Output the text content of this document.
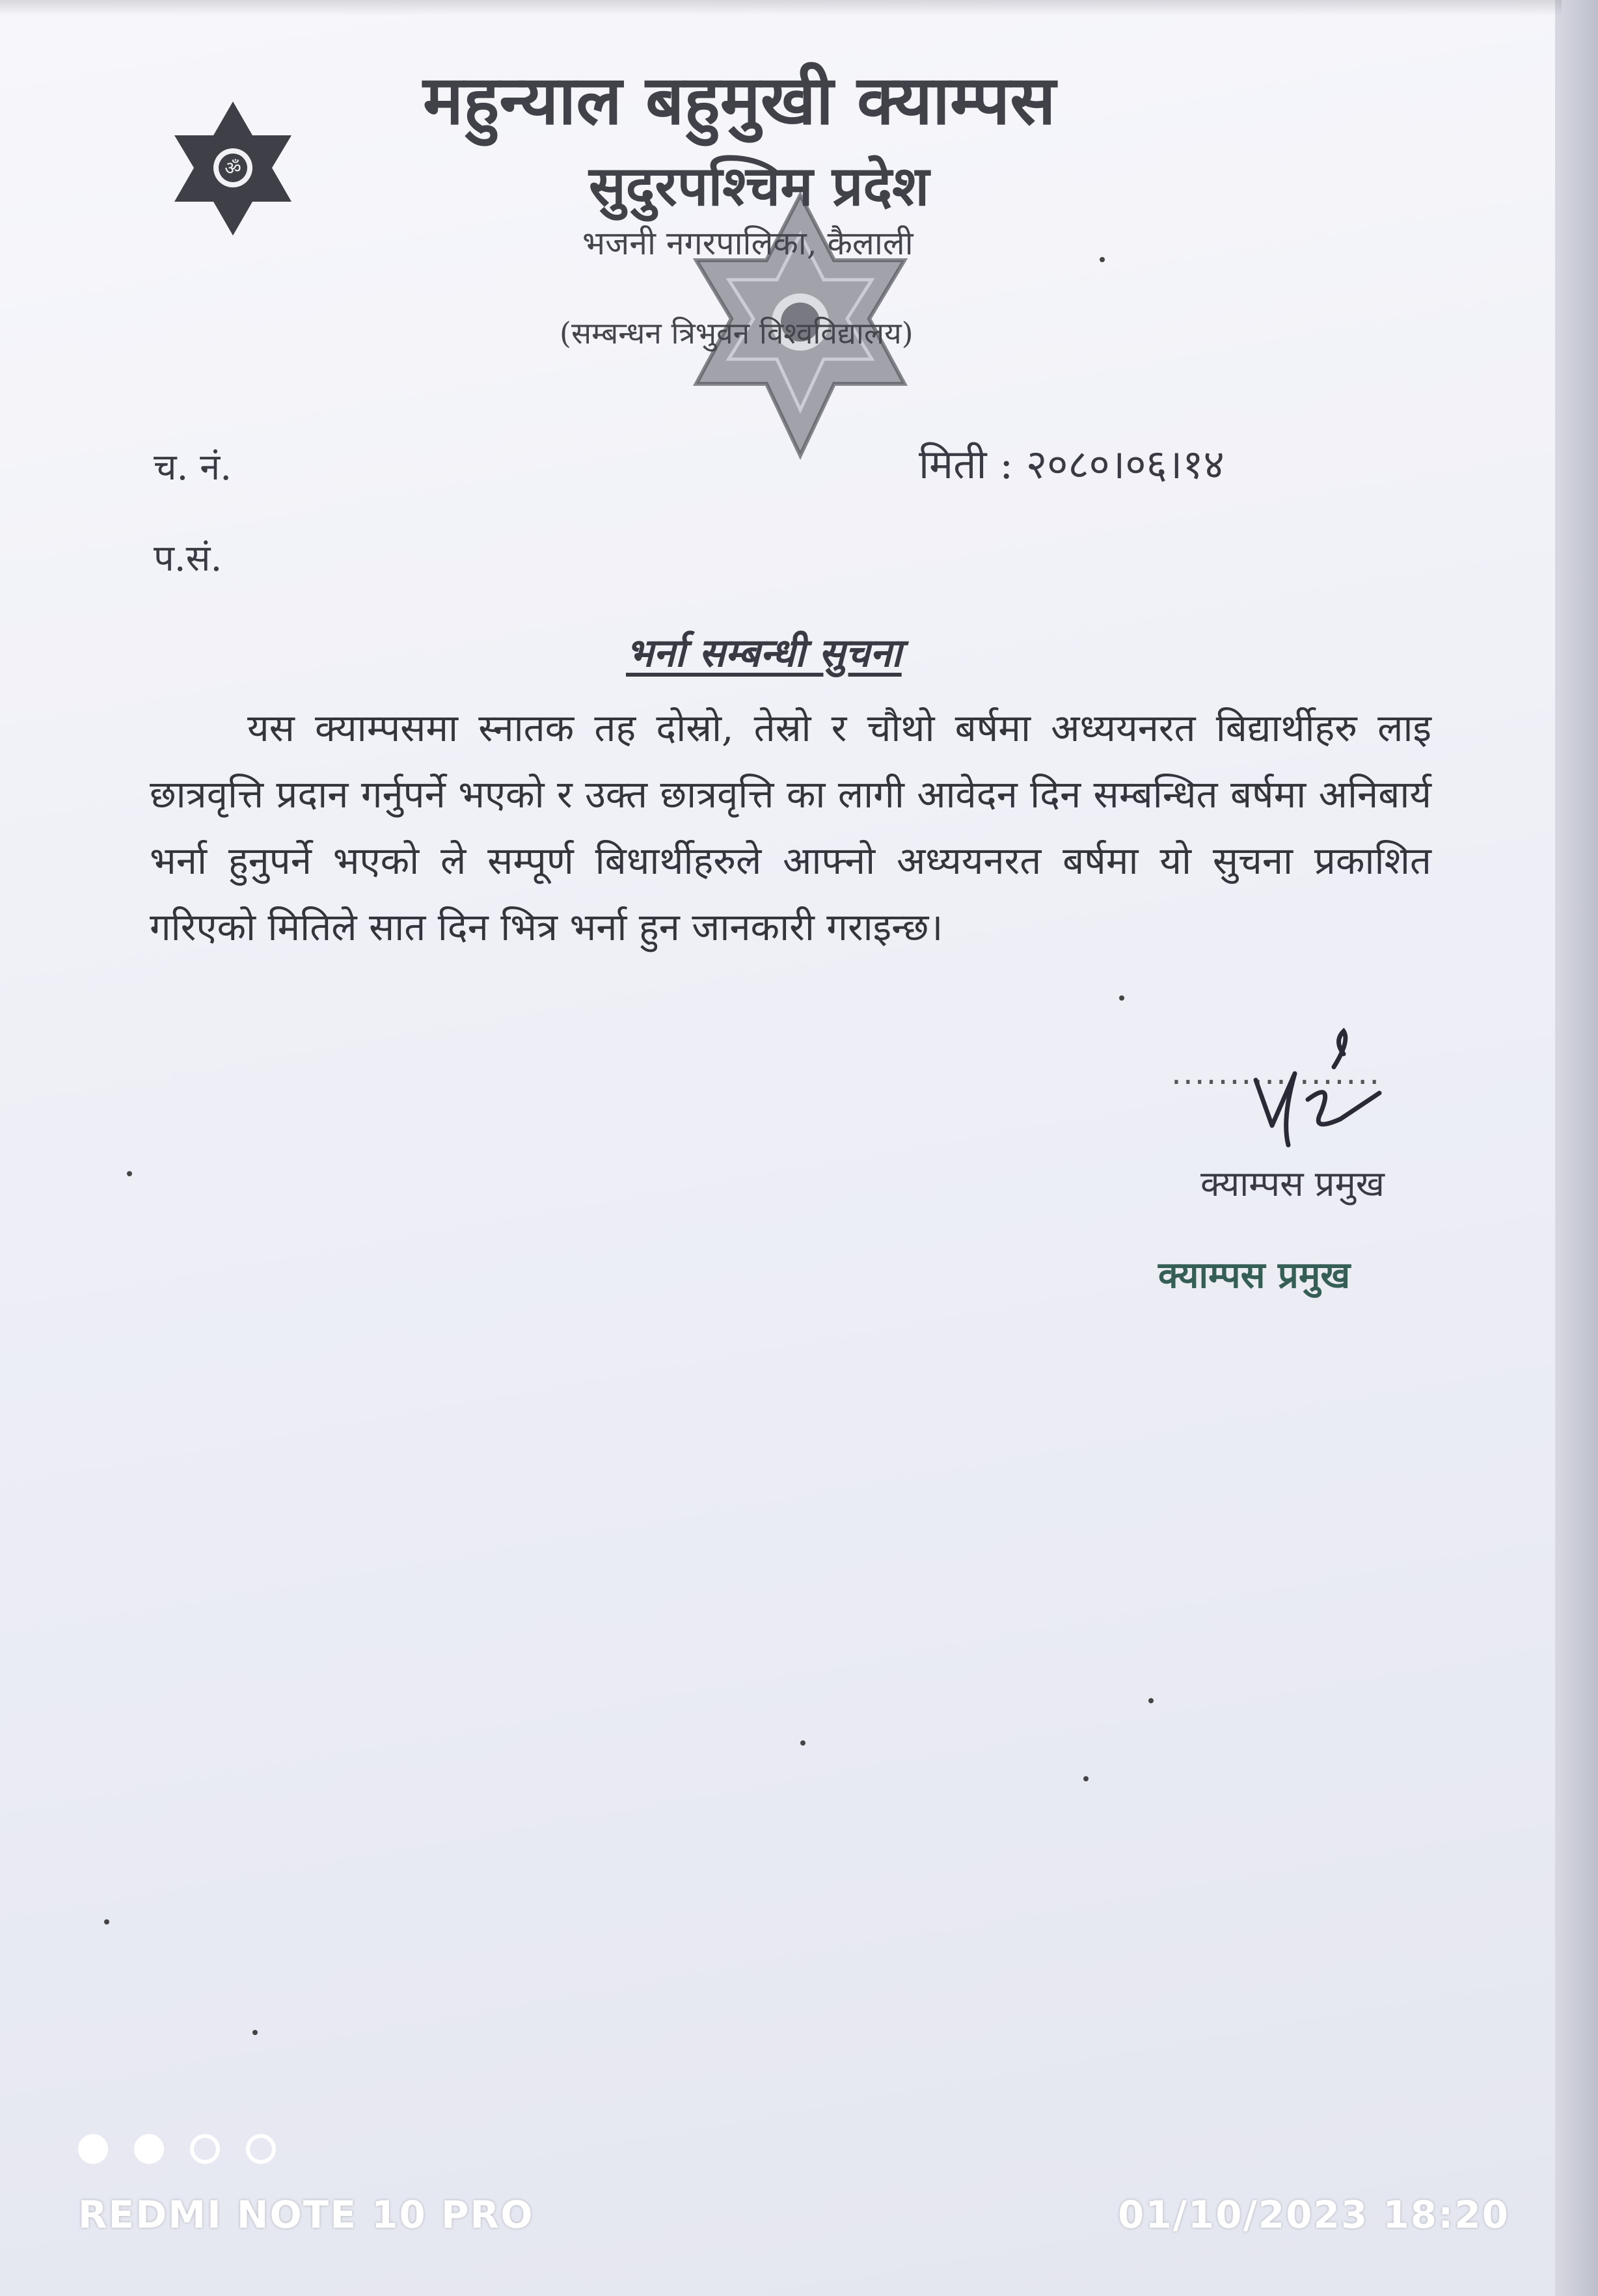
ॐ
महुन्याल बहुमुखी क्याम्पस
सुदुरपश्चिम प्रदेश
भजनी नगरपालिका, कैलाली
(सम्बन्धन त्रिभुवन विश्वविद्यालय)
च. नं.	मिती : २०८०।०६।१४
प.सं.
भर्ना सम्बन्धी सुचना
यस क्याम्पसमा स्नातक तह दोस्रो, तेस्रो र चौथो बर्षमा अध्ययनरत बिद्यार्थीहरु लाइ छात्रवृत्ति प्रदान गर्नुपर्ने भएको र उक्त छात्रवृत्ति का लागी आवेदन दिन सम्बन्धित बर्षमा अनिबार्य भर्ना हुनुपर्ने भएको ले सम्पूर्ण बिधार्थीहरुले आफ्नो अध्ययनरत बर्षमा यो सुचना प्रकाशित गरिएको मितिले सात दिन भित्र भर्ना हुन जानकारी गराइन्छ।
..................
क्याम्पस प्रमुख
क्याम्पस प्रमुख
REDMI NOTE 10 PRO	01/10/2023 18:20
